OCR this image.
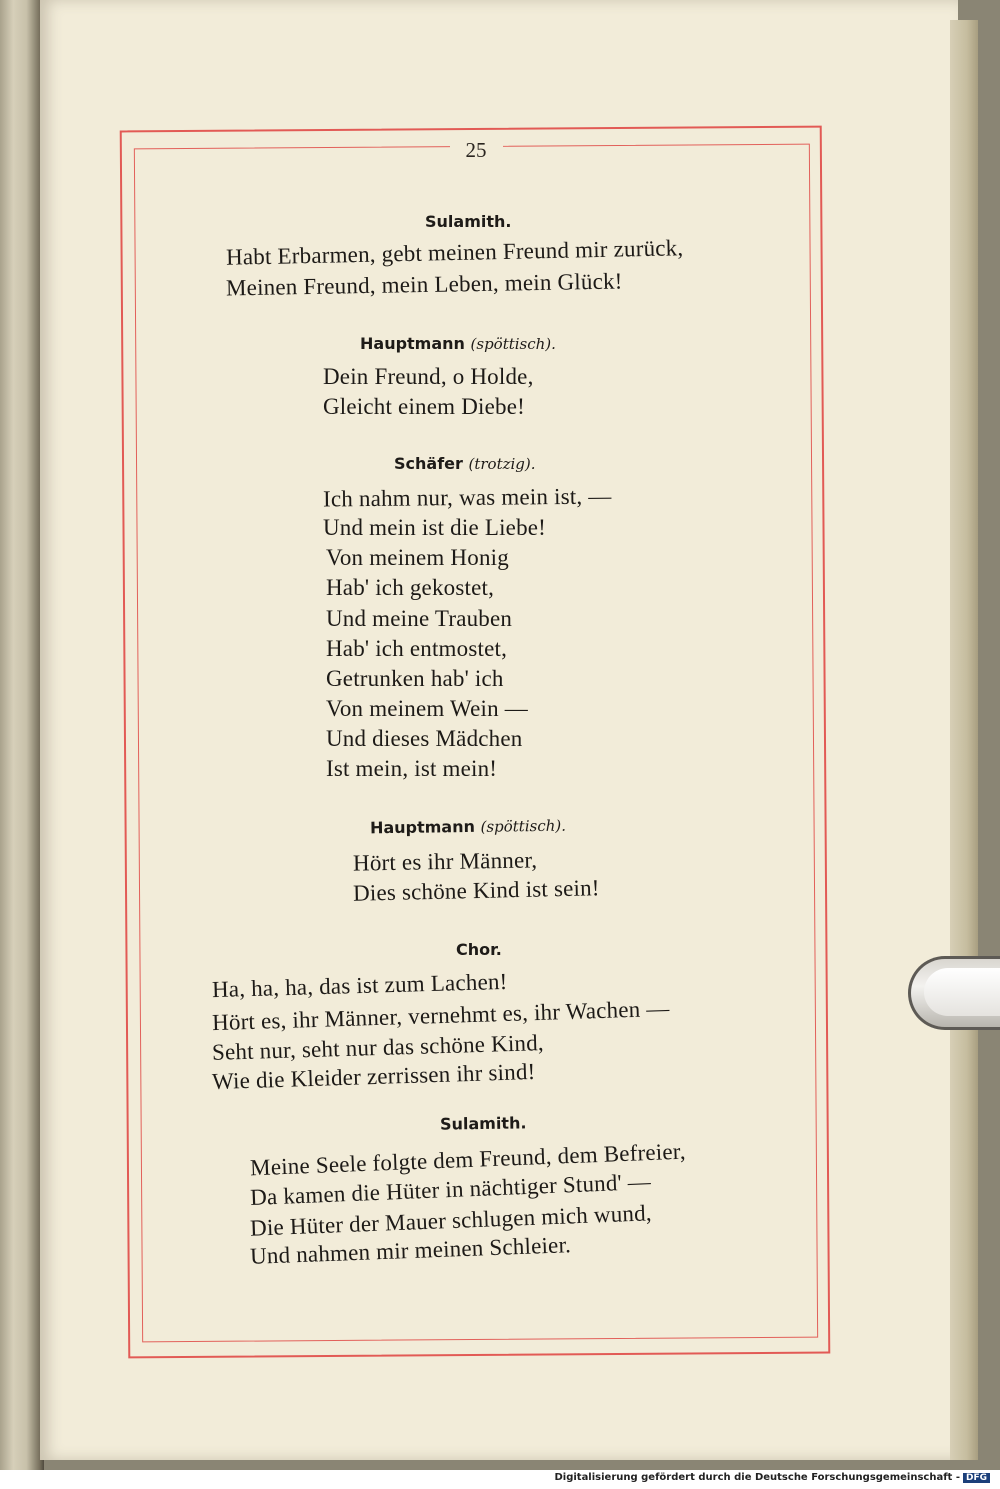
25
Sulamith.
Habt Erbarmen, gebt meinen Freund mir zurück,
Meinen Freund, mein Leben, mein Glück!
Hauptmann (spöttisch).
Dein Freund, o Holde,
Gleicht einem Diebe!
Schäfer (trotzig).
Ich nahm nur, was mein ist, —
Und mein ist die Liebe!
Von meinem Honig
Hab' ich gekostet,
Und meine Trauben
Hab' ich entmostet,
Getrunken hab' ich
Von meinem Wein —
Und dieses Mädchen
Ist mein, ist mein!
Hauptmann (spöttisch).
Hört es ihr Männer,
Dies schöne Kind ist sein!
Chor.
Ha, ha, ha, das ist zum Lachen!
Hört es, ihr Männer, vernehmt es, ihr Wachen —
Seht nur, seht nur das schöne Kind,
Wie die Kleider zerrissen ihr sind!
Sulamith.
Meine Seele folgte dem Freund, dem Befreier,
Da kamen die Hüter in nächtiger Stund' —
Die Hüter der Mauer schlugen mich wund,
Und nahmen mir meinen Schleier.
Digitalisierung gefördert durch die Deutsche Forschungsgemeinschaft - DFG
